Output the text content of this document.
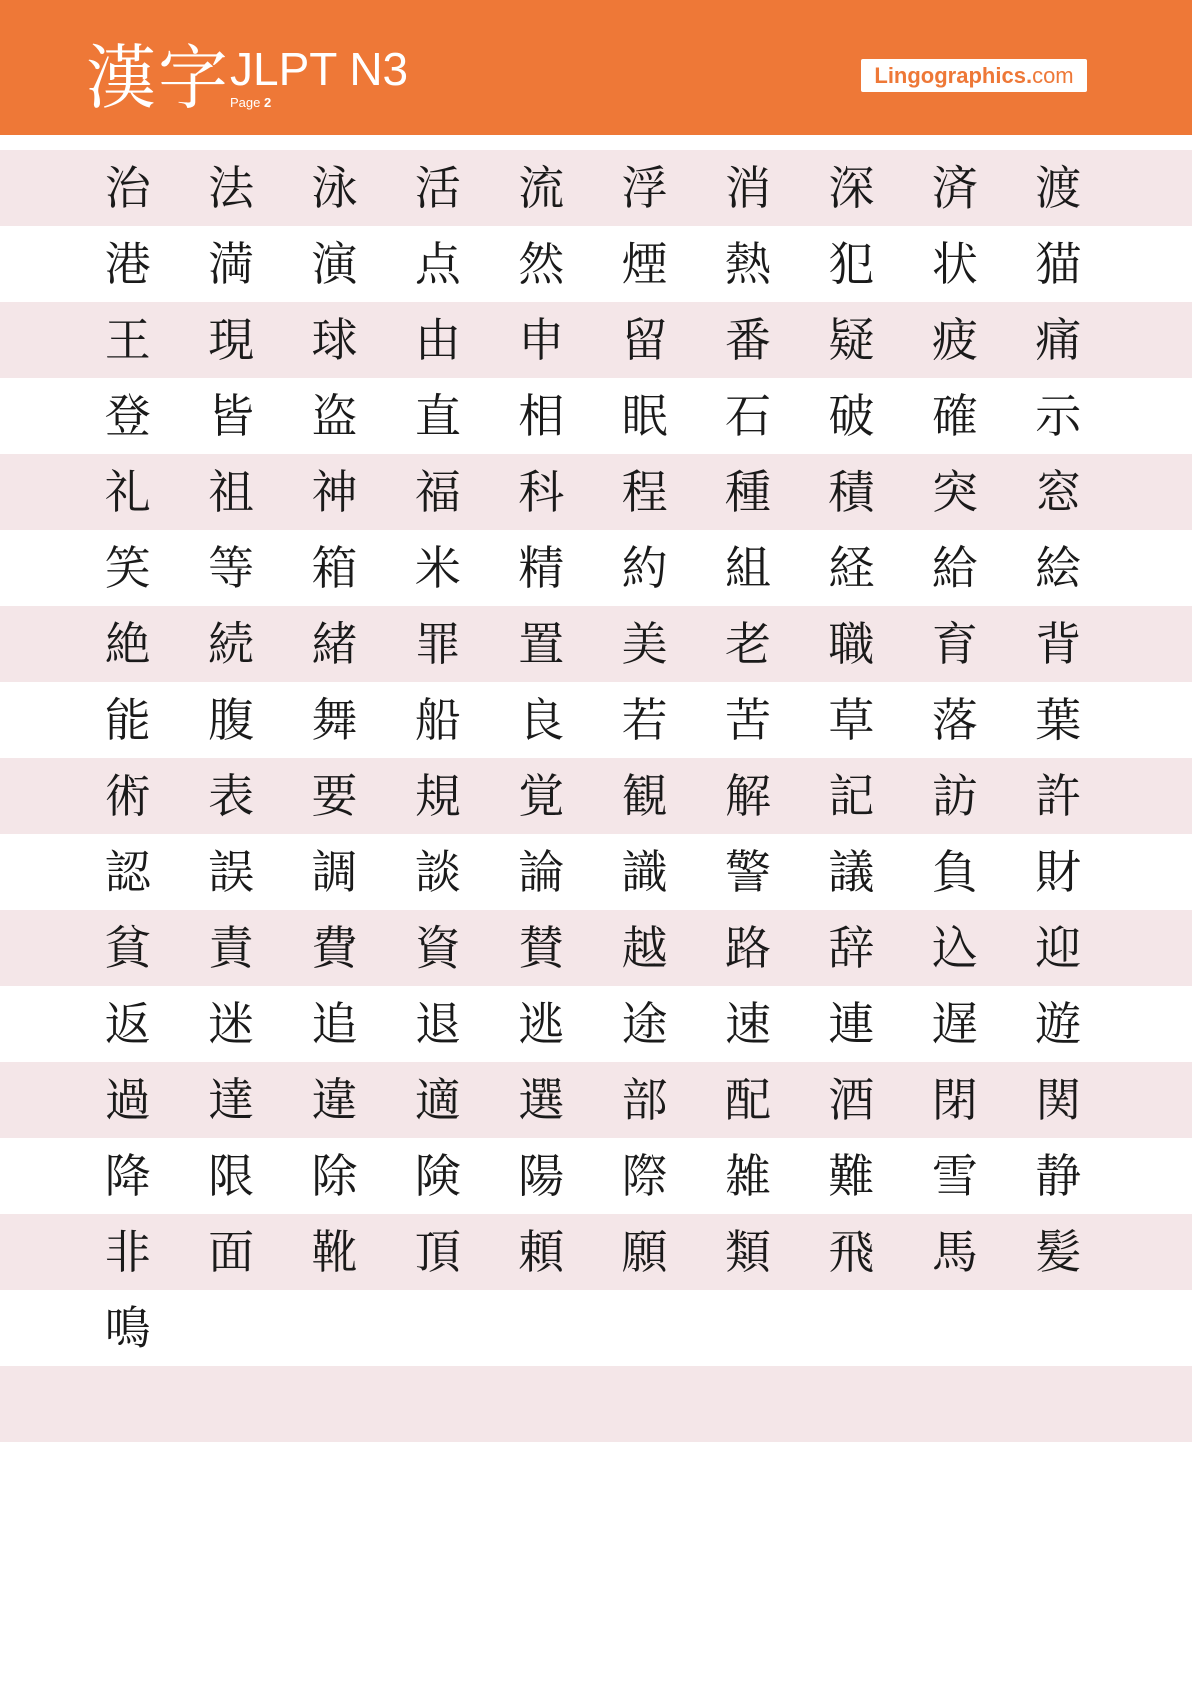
漢字 JLPT N3
Page 2
Lingographics.com
治	法	泳	活	流	浮	消	深	済	渡
港	満	演	点	然	煙	熱	犯	状	猫
王	現	球	由	申	留	番	疑	疲	痛
登	皆	盗	直	相	眠	石	破	確	示
礼	祖	神	福	科	程	種	積	突	窓
笑	等	箱	米	精	約	組	経	給	絵
絶	続	緒	罪	置	美	老	職	育	背
能	腹	舞	船	良	若	苦	草	落	葉
術	表	要	規	覚	観	解	記	訪	許
認	誤	調	談	論	識	警	議	負	財
貧	責	費	資	賛	越	路	辞	込	迎
返	迷	追	退	逃	途	速	連	遅	遊
過	達	違	適	選	部	配	酒	閉	関
降	限	除	険	陽	際	雑	難	雪	静
非	面	靴	頂	頼	願	類	飛	馬	髪
鳴
